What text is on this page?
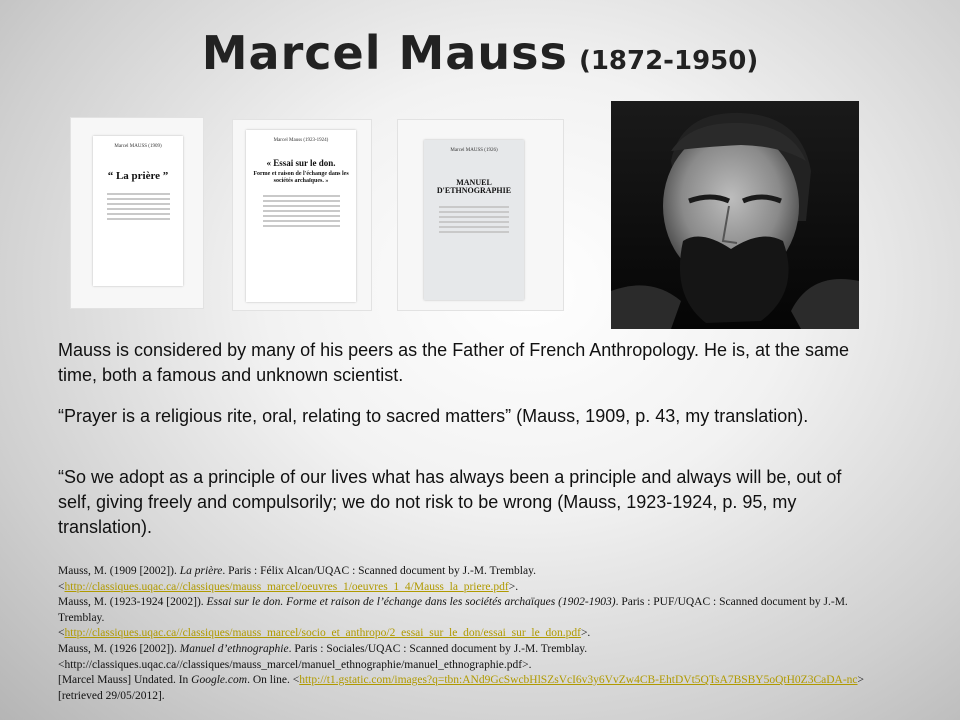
Marcel Mauss (1872-1950)
Marcel MAUSS (1909)
“ La prière ”
Marcel Mauss (1923-1924)
« Essai sur le don.
Forme et raison de l'échange dans les sociétés archaïques. »
Marcel MAUSS (1926)
MANUEL D'ETHNOGRAPHIE
Mauss is considered by many of his peers as the Father of French Anthropology. He is, at the same time, both a famous and unknown scientist.
“Prayer is a religious rite, oral, relating to sacred matters” (Mauss, 1909, p. 43, my translation).
“So we adopt as a principle of our lives what has always been a principle and always will be, out of self, giving freely and compulsorily; we do not risk to be wrong (Mauss, 1923-1924, p. 95, my translation).
Mauss, M. (1909 [2002]). La prière. Paris : Félix Alcan/UQAC : Scanned document by J.-M. Tremblay.
<http://classiques.uqac.ca//classiques/mauss_marcel/oeuvres_1/oeuvres_1_4/Mauss_la_priere.pdf>.
Mauss, M. (1923-1924 [2002]). Essai sur le don. Forme et raison de l’échange dans les sociétés archaïques (1902-1903). Paris : PUF/UQAC : Scanned document by J.-M. Tremblay.
<http://classiques.uqac.ca//classiques/mauss_marcel/socio_et_anthropo/2_essai_sur_le_don/essai_sur_le_don.pdf>.
Mauss, M. (1926 [2002]). Manuel d’ethnographie. Paris : Sociales/UQAC : Scanned document by J.-M. Tremblay.
<http://classiques.uqac.ca//classiques/mauss_marcel/manuel_ethnographie/manuel_ethnographie.pdf>.
[Marcel Mauss] Undated. In Google.com. On line. <http://t1.gstatic.com/images?q=tbn:ANd9GcSwcbHlSZsVcI6v3y6VvZw4CB-EhtDVt5QTsA7BSBY5oQtH0Z3CaDA-nc> [retrieved 29/05/2012].
